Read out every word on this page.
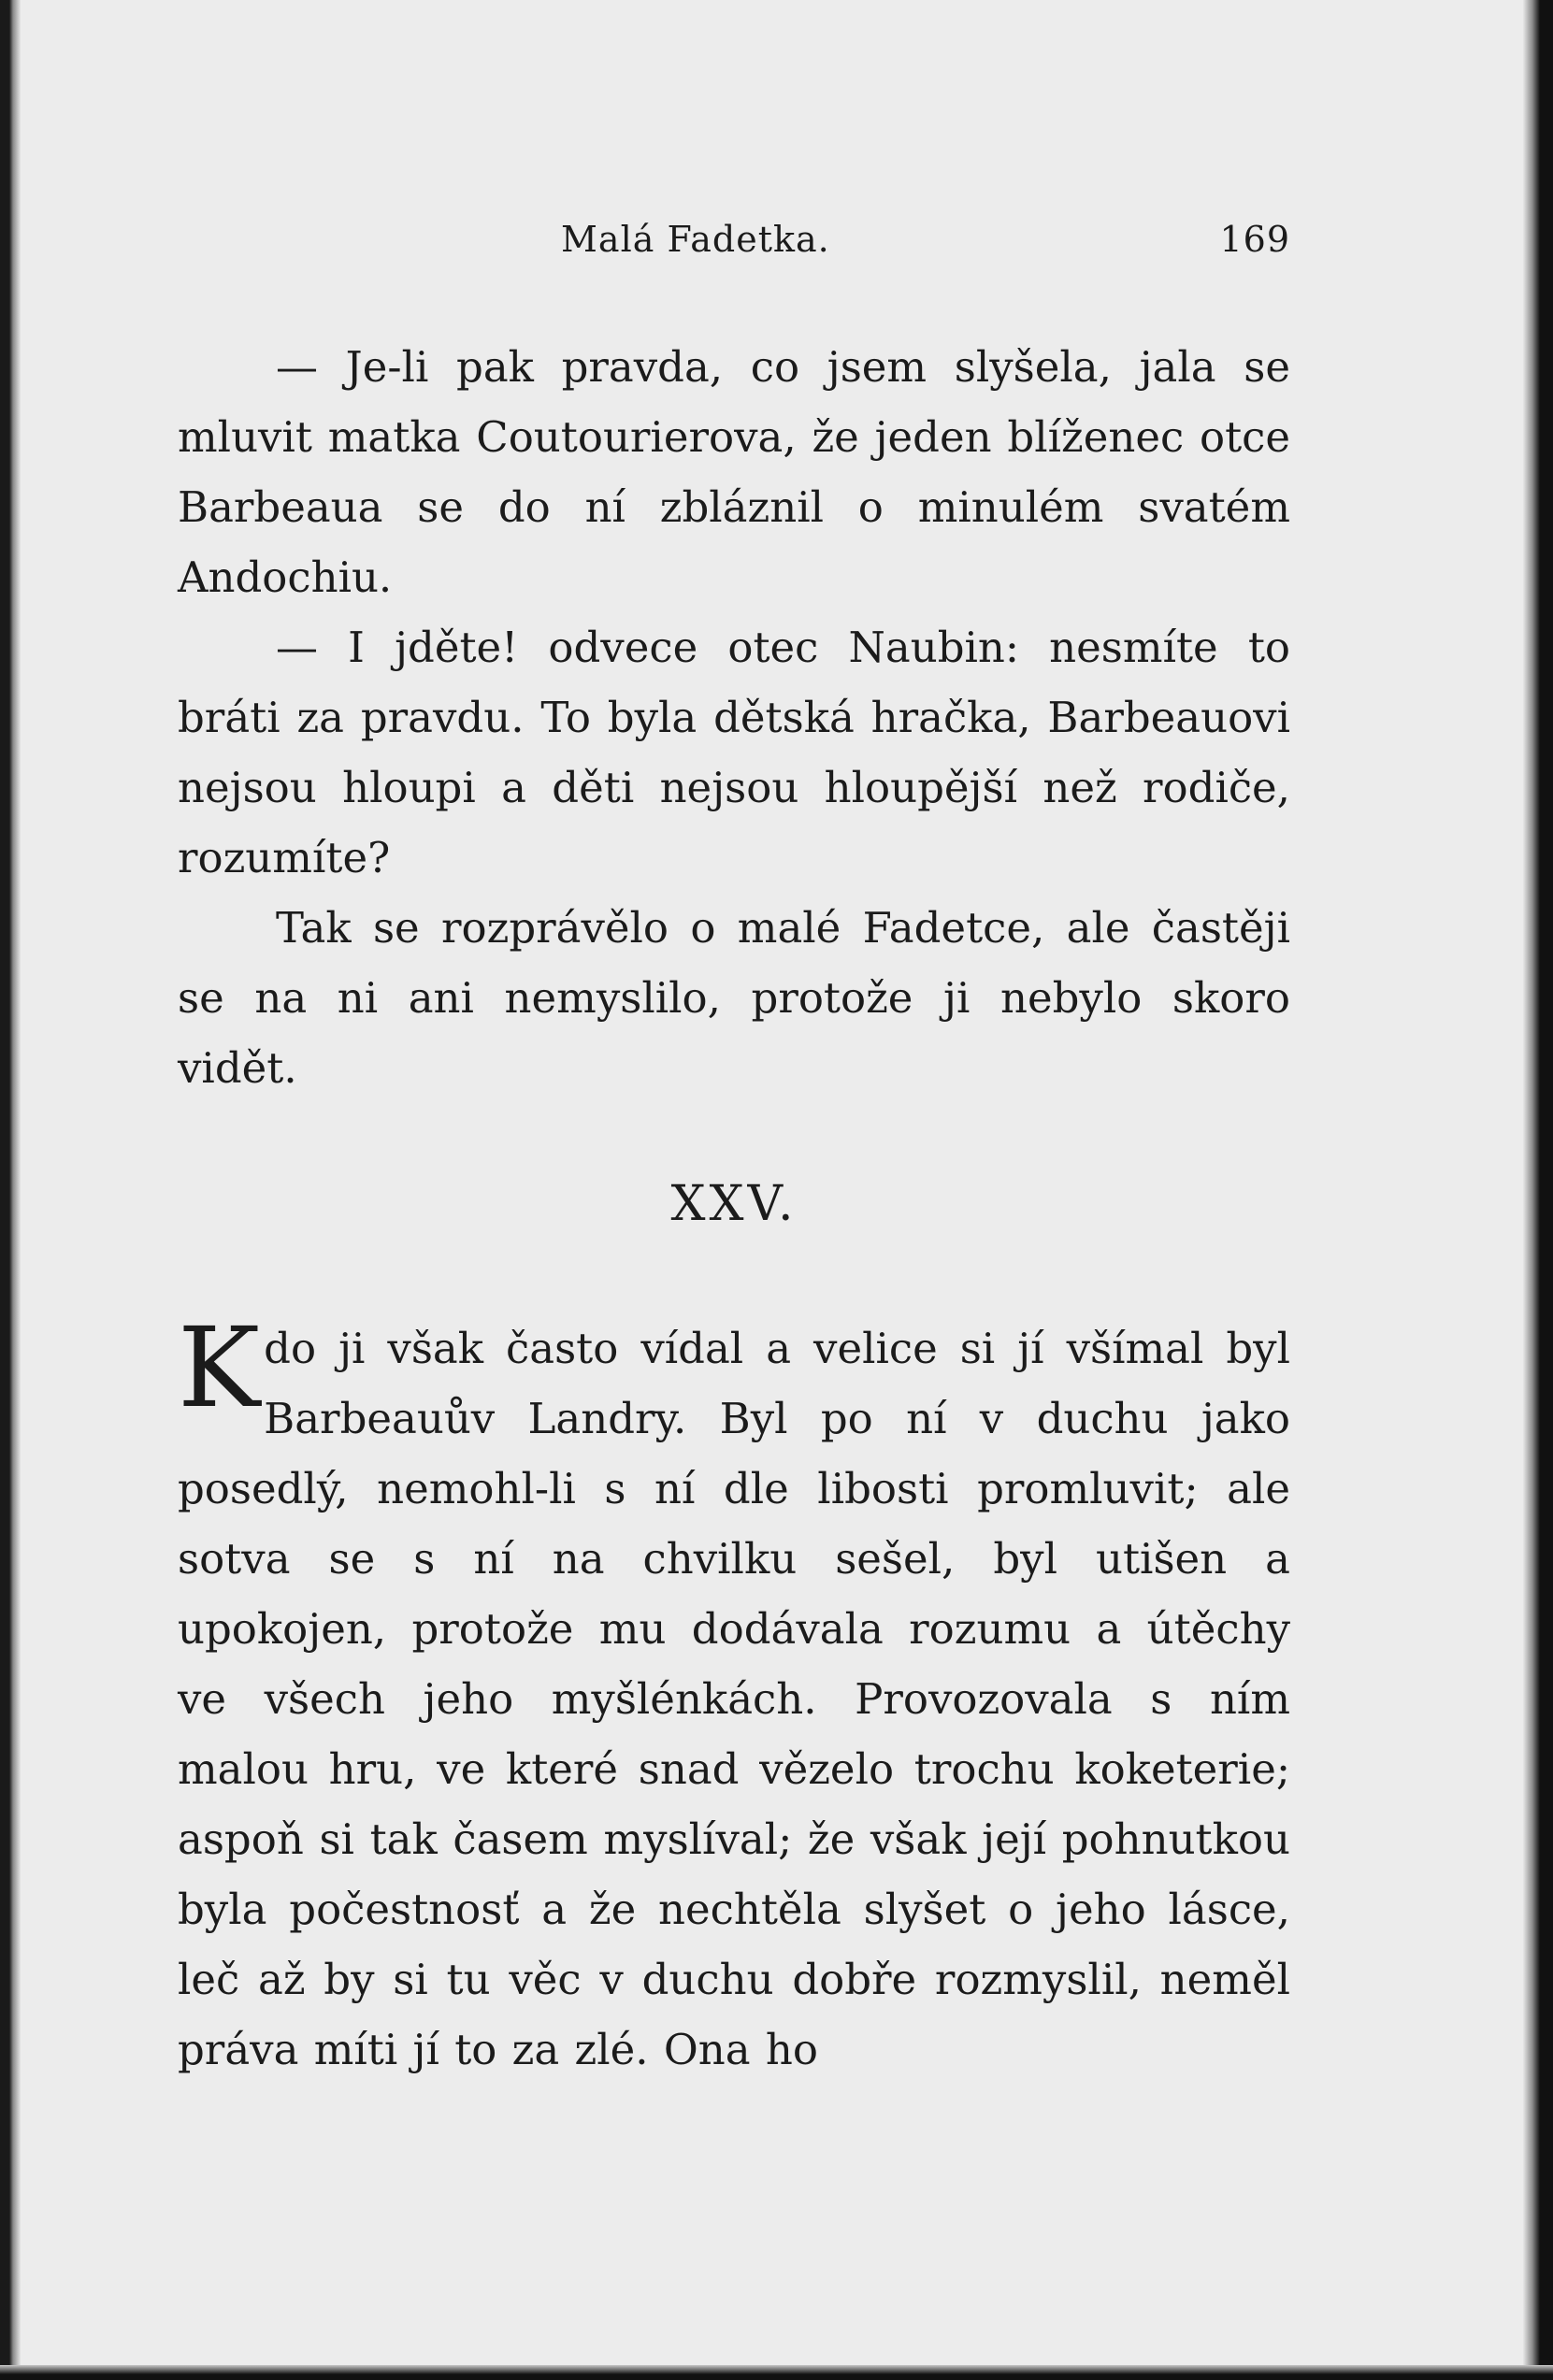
Malá Fadetka.	169

— Je-li pak pravda, co jsem slyšela, jala se mluvit matka Coutourierova, že jeden blíženec otce Barbeaua se do ní zbláznil o minulém svatém Andochiu.

— I jděte! odvece otec Naubin: nesmíte to bráti za pravdu. To byla dětská hračka, Barbeauovi nejsou hloupi a děti nejsou hloupější než rodiče, rozumíte?

Tak se rozprávělo o malé Fadetce, ale častěji se na ni ani nemyslilo, protože ji nebylo skoro vidět.

XXV.

Kdo ji však často vídal a velice si jí všímal byl Barbeauův Landry. Byl po ní v duchu jako posedlý, nemohl-li s ní dle libosti promluvit; ale sotva se s ní na chvilku sešel, byl utišen a upokojen, protože mu dodávala rozumu a útěchy ve všech jeho myšlénkách. Provozovala s ním malou hru, ve které snad vězelo trochu koketerie; aspoň si tak časem myslíval; že však její pohnutkou byla počestnosť a že nechtěla slyšet o jeho lásce, leč až by si tu věc v duchu dobře rozmyslil, neměl práva míti jí to za zlé. Ona ho
